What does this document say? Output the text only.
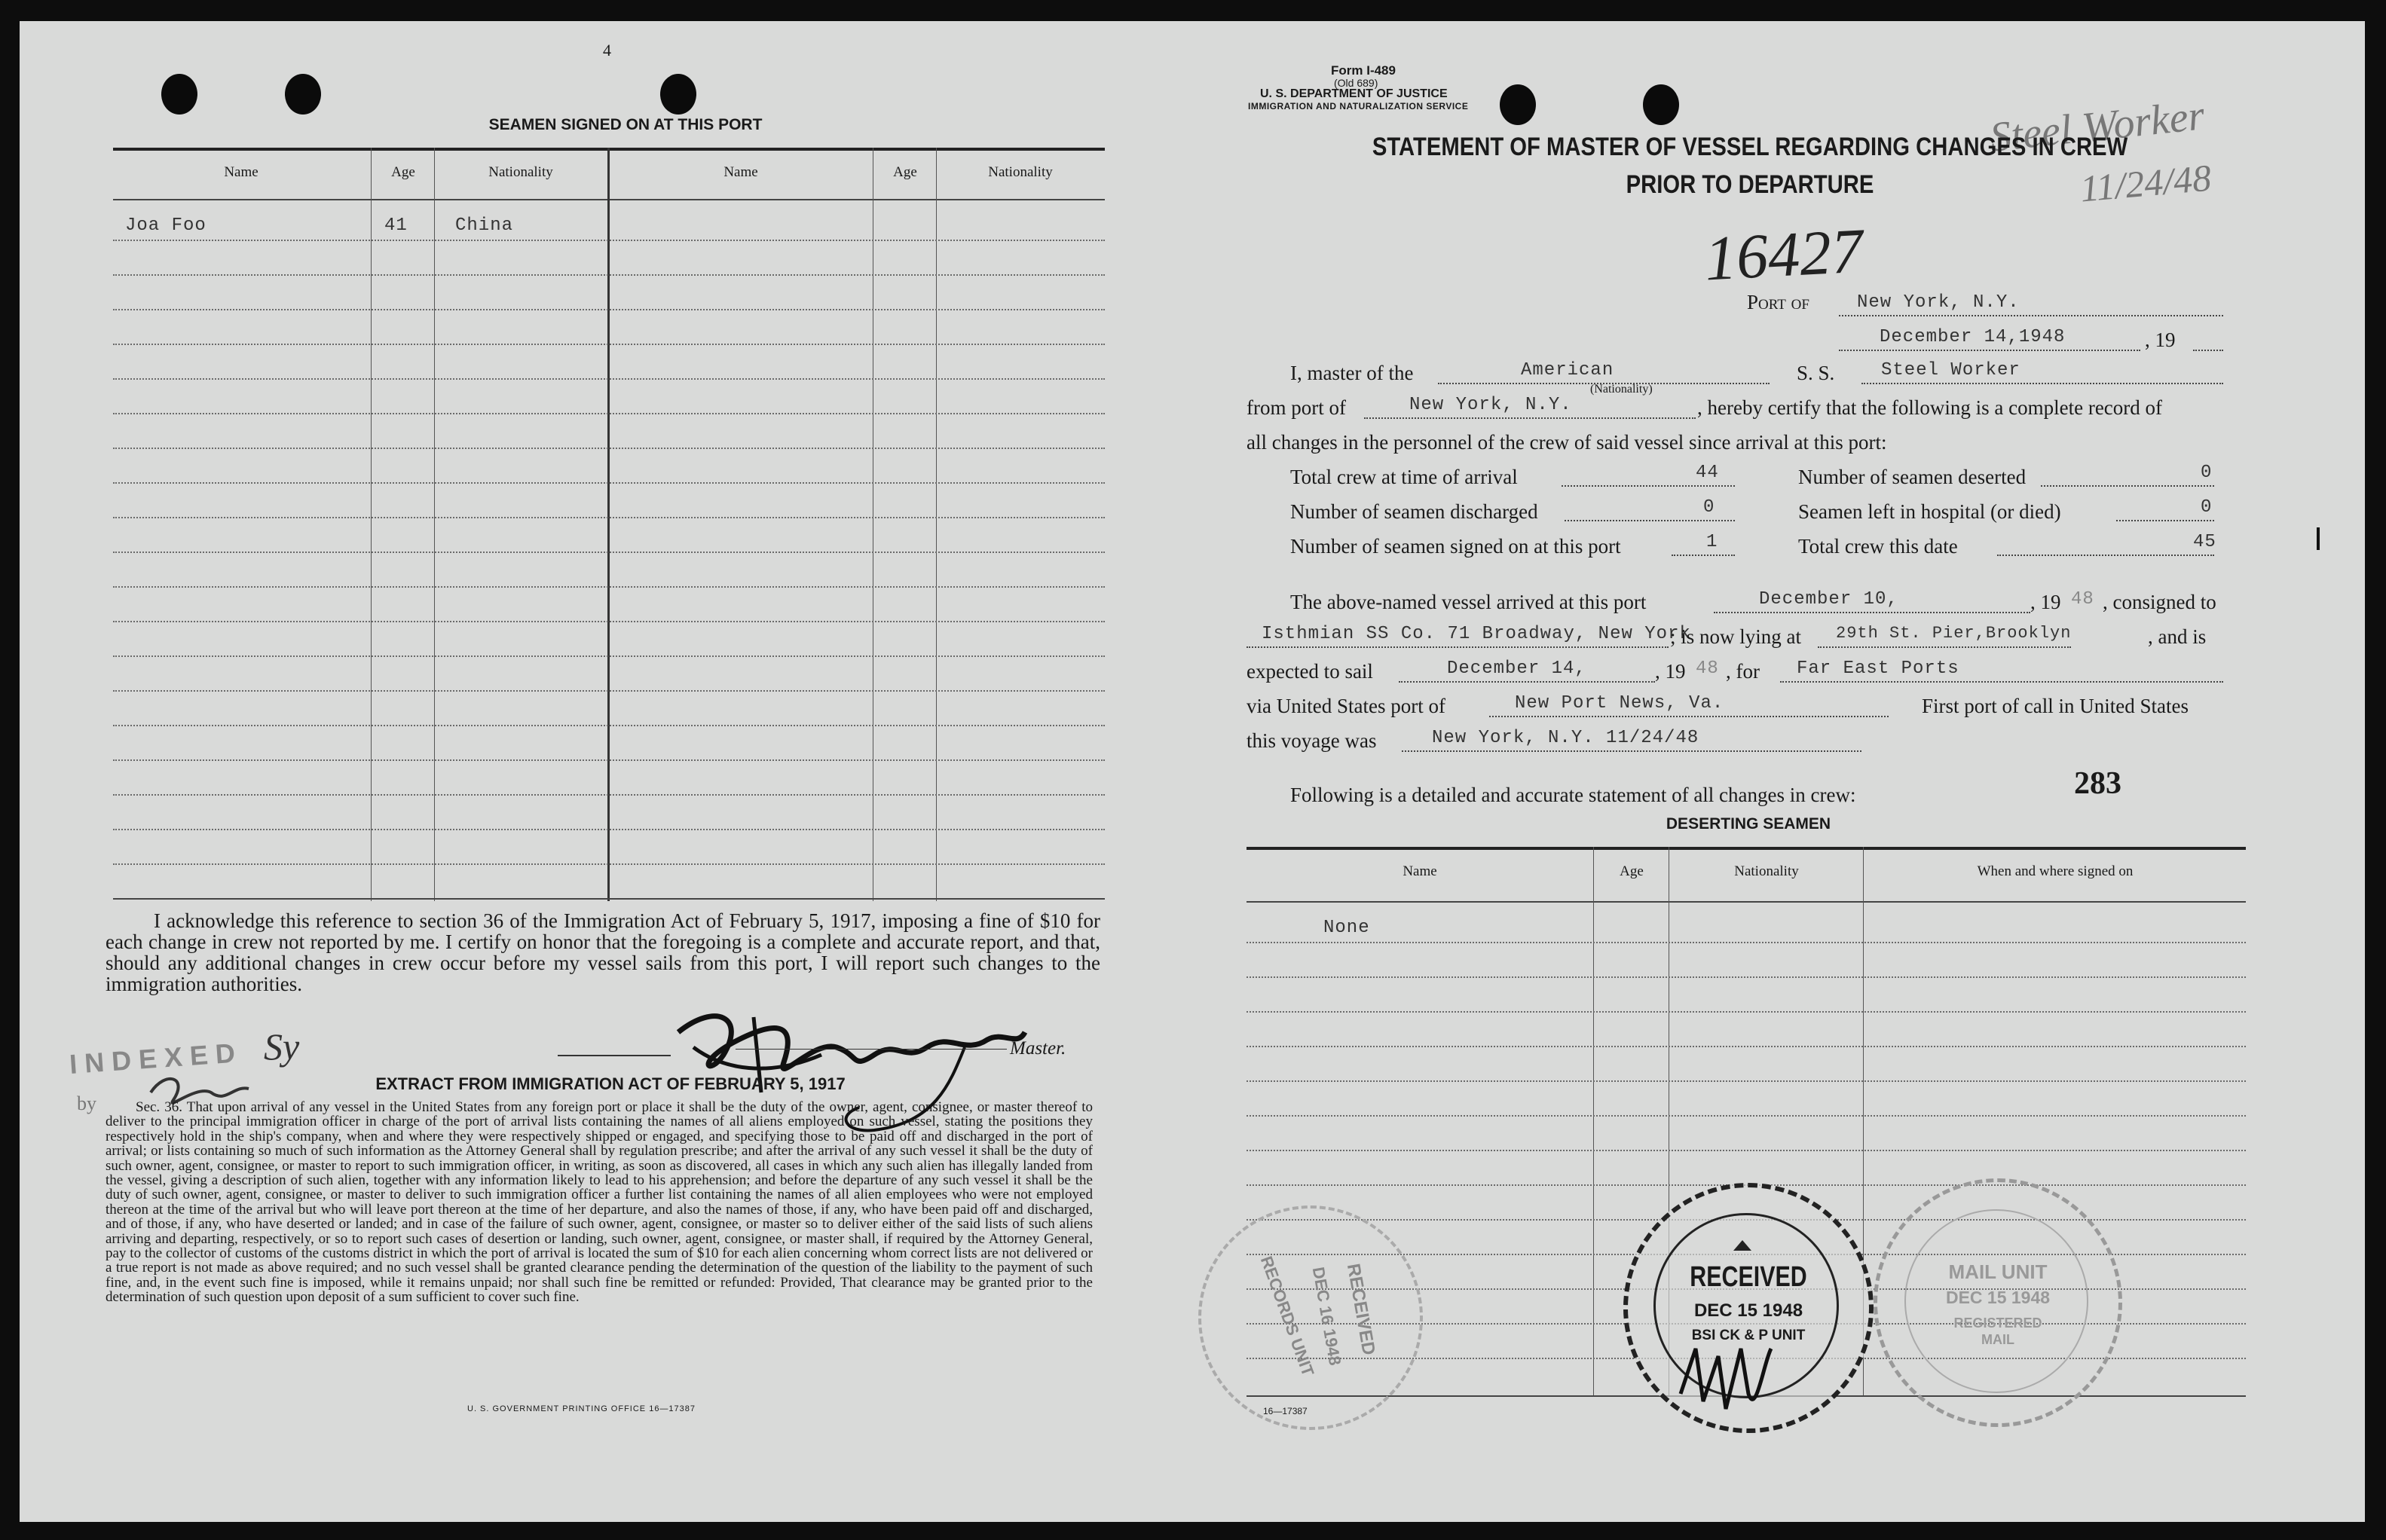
4
SEAMEN SIGNED ON AT THIS PORT
Name	Age	Nationality	Name	Age	Nationality
Joa Foo	41	China
I acknowledge this reference to section 36 of the Immigration Act of February 5, 1917, imposing a fine of $10 for each change in crew not reported by me. I certify on honor that the foregoing is a complete and accurate report, and that, should any additional changes in crew occur before my vessel sails from this port, I will report such changes to the immigration authorities.
Master.
INDEXED
by
Sy
EXTRACT FROM IMMIGRATION ACT OF FEBRUARY 5, 1917
Sec. 36. That upon arrival of any vessel in the United States from any foreign port or place it shall be the duty of the owner, agent, consignee, or master thereof to deliver to the principal immigration officer in charge of the port of arrival lists containing the names of all aliens employed on such vessel, stating the positions they respectively hold in the ship's company, when and where they were respectively shipped or engaged, and specifying those to be paid off and discharged in the port of arrival; or lists containing so much of such information as the Attorney General shall by regulation prescribe; and after the arrival of any such vessel it shall be the duty of such owner, agent, consignee, or master to report to such immigration officer, in writing, as soon as discovered, all cases in which any such alien has illegally landed from the vessel, giving a description of such alien, together with any information likely to lead to his apprehension; and before the departure of any such vessel it shall be the duty of such owner, agent, consignee, or master to deliver to such immigration officer a further list containing the names of all alien employees who were not employed thereon at the time of the arrival but who will leave port thereon at the time of her departure, and also the names of those, if any, who have been paid off and discharged, and of those, if any, who have deserted or landed; and in case of the failure of such owner, agent, consignee, or master so to deliver either of the said lists of such aliens arriving and departing, respectively, or so to report such cases of desertion or landing, such owner, agent, consignee, or master shall, if required by the Attorney General, pay to the collector of customs of the customs district in which the port of arrival is located the sum of $10 for each alien concerning whom correct lists are not delivered or a true report is not made as above required; and no such vessel shall be granted clearance pending the determination of the question of the liability to the payment of such fine, and, in the event such fine is imposed, while it remains unpaid; nor shall such fine be remitted or refunded: Provided, That clearance may be granted prior to the determination of such question upon deposit of a sum sufficient to cover such fine.
U. S. GOVERNMENT PRINTING OFFICE 16—17387
Form I-489
(Old 689)
U. S. DEPARTMENT OF JUSTICE
IMMIGRATION AND NATURALIZATION SERVICE	Steel Worker
11/24/48
STATEMENT OF MASTER OF VESSEL REGARDING CHANGES IN CREW
PRIOR TO DEPARTURE
16427
Port of	New York, N.Y.
December 14,1948	, 19
I, master of the	American
(Nationality)
S. S.	Steel Worker
from port of	New York, N.Y.	, hereby certify that the following is a complete record of
all changes in the personnel of the crew of said vessel since arrival at this port:
Total crew at time of arrival	44	Number of seamen deserted	0
Number of seamen discharged	0	Seamen left in hospital (or died)	0
Number of seamen signed on at this port	1	Total crew this date	45
The above-named vessel arrived at this port	December 10,	, 19 48 , consigned to
Isthmian SS Co. 71 Broadway, New York
; is now lying at 29th St. Pier,Brooklyn	, and is
expected to sail	December 14,	, 19 48 , for Far East Ports
via United States port of	New Port News, Va.	First port of call in United States
this voyage was	New York, N.Y. 11/24/48
283
Following is a detailed and accurate statement of all changes in crew:
DESERTING SEAMEN
Name	Age	Nationality	When and where signed on
None
RECEIVED
DEC 15 1948
BSI CK & P UNIT
MAIL UNIT
DEC 15 1948
REGISTERED MAIL
RECORDS UNIT
DEC 16 1948
RECEIVED
16—17387
